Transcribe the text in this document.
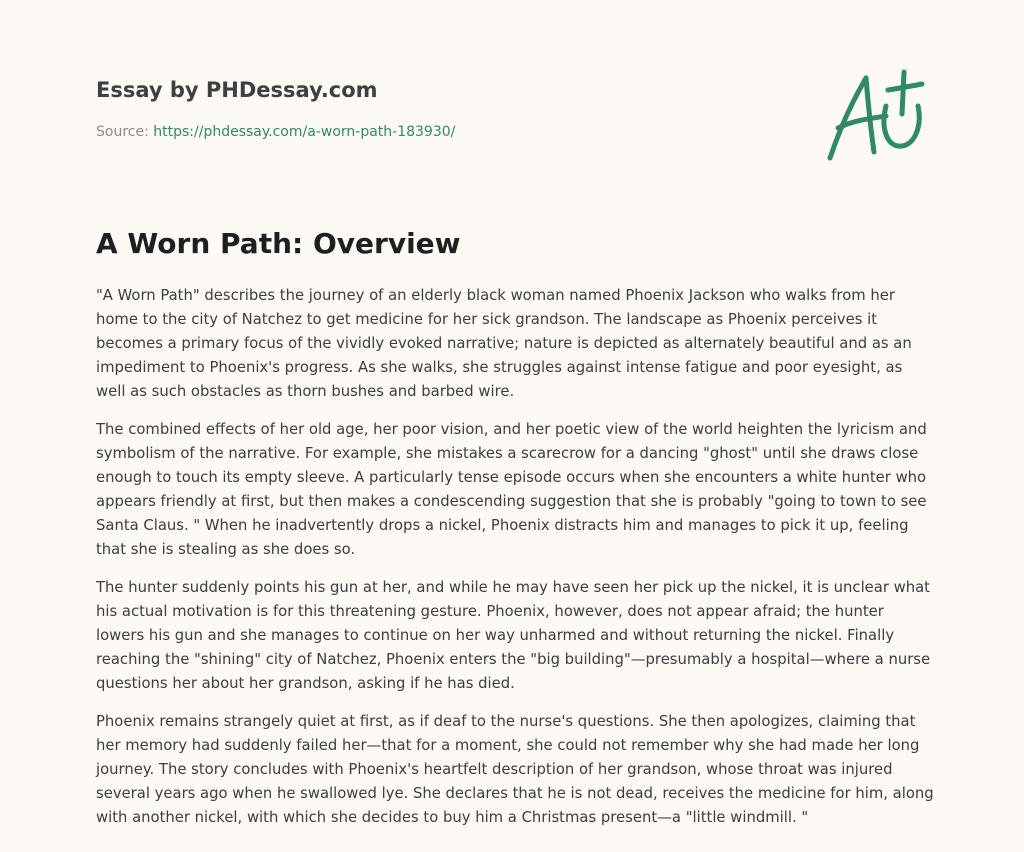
Essay by PHDessay.com
Source: https://phdessay.com/a-worn-path-183930/
A Worn Path: Overview

"A Worn Path" describes the journey of an elderly black woman named Phoenix Jackson who walks from her home to the city of Natchez to get medicine for her sick grandson. The landscape as Phoenix perceives it becomes a primary focus of the vividly evoked narrative; nature is depicted as alternately beautiful and as an impediment to Phoenix's progress. As she walks, she struggles against intense fatigue and poor eyesight, as well as such obstacles as thorn bushes and barbed wire.

The combined effects of her old age, her poor vision, and her poetic view of the world heighten the lyricism and symbolism of the narrative. For example, she mistakes a scarecrow for a dancing "ghost" until she draws close enough to touch its empty sleeve. A particularly tense episode occurs when she encounters a white hunter who appears friendly at first, but then makes a condescending suggestion that she is probably "going to town to see Santa Claus. " When he inadvertently drops a nickel, Phoenix distracts him and manages to pick it up, feeling that she is stealing as she does so.

The hunter suddenly points his gun at her, and while he may have seen her pick up the nickel, it is unclear what his actual motivation is for this threatening gesture. Phoenix, however, does not appear afraid; the hunter lowers his gun and she manages to continue on her way unharmed and without returning the nickel. Finally reaching the "shining" city of Natchez, Phoenix enters the "big building"—presumably a hospital—where a nurse questions her about her grandson, asking if he has died.

Phoenix remains strangely quiet at first, as if deaf to the nurse's questions. She then apologizes, claiming that her memory had suddenly failed her—that for a moment, she could not remember why she had made her long journey. The story concludes with Phoenix's heartfelt description of her grandson, whose throat was injured several years ago when he swallowed lye. She declares that he is not dead, receives the medicine for him, along with another nickel, with which she decides to buy him a Christmas present—a "little windmill. "
